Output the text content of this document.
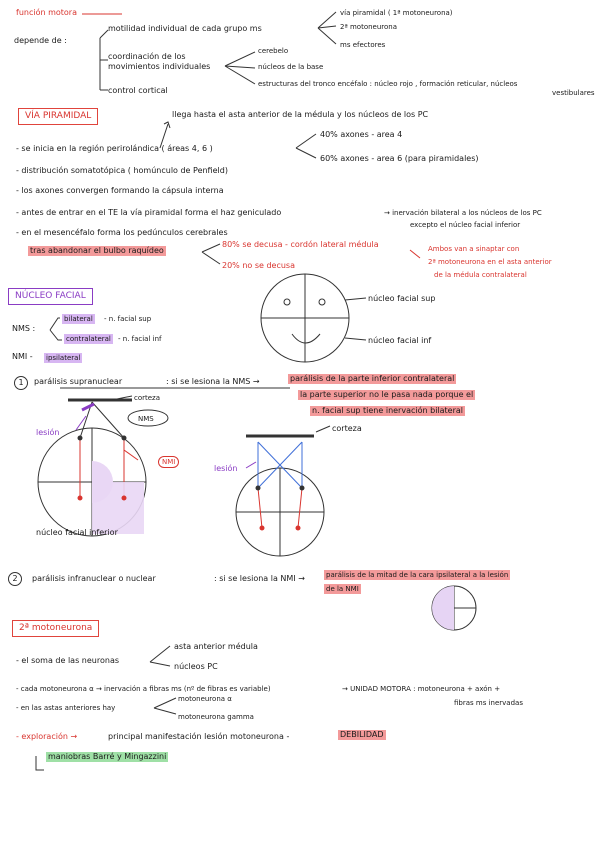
función motora
depende de :
motilidad individual de cada grupo ms
vía piramidal ( 1ª motoneurona)
2ª motoneurona
ms efectores
coordinación de los
movimientos individuales
cerebelo
núcleos de la base
estructuras del tronco encéfalo : núcleo rojo , formación reticular, núcleos
vestibulares
control cortical
VÍA PIRAMIDAL	llega hasta el asta anterior de la médula y los núcleos de los PC
- se inicia en la región perirolándica ( áreas 4, 6 )
40% axones - area 4
60% axones - area 6 (para piramidales)
- distribución somatotópica ( homúnculo de Penfield)
- los axones convergen formando la cápsula interna
- antes de entrar en el TE la vía piramidal forma el haz geniculado	→ inervación bilateral a los núcleos de los PC
excepto el núcleo facial inferior
- en el mesencéfalo forma los pedúnculos cerebrales
tras abandonar el bulbo raquídeo
80% se decusa - cordón lateral médula
20% no se decusa
Ambos van a sinaptar con
2ª motoneurona en el asta anterior
de la médula contralateral
NÚCLEO FACIAL
NMS :
bilateral - n. facial sup
contralateral - n. facial inf
NMI - ipsilateral
núcleo facial sup
núcleo facial inf
1	parálisis supranuclear	: si se lesiona la NMS →	parálisis de la parte inferior contralateral
la parte superior no le pasa nada porque el
n. facial sup tiene inervación bilateral
corteza
NMS
lesión
NMI
núcleo facial inferior
corteza
lesión
2	parálisis infranuclear o nuclear	: si se lesiona la NMI →	parálisis de la mitad de la cara ipsilateral a la lesión
de la NMI
2ª motoneurona
- el soma de las neuronas
asta anterior médula
núcleos PC
- cada motoneurona α → inervación a fibras ms (nº de fibras es variable)	→ UNIDAD MOTORA : motoneurona + axón +
fibras ms inervadas
- en las astas anteriores hay
motoneurona α
motoneurona gamma
- exploración →	principal manifestación lesión motoneurona -	DEBILIDAD
maniobras Barré y Mingazzini
